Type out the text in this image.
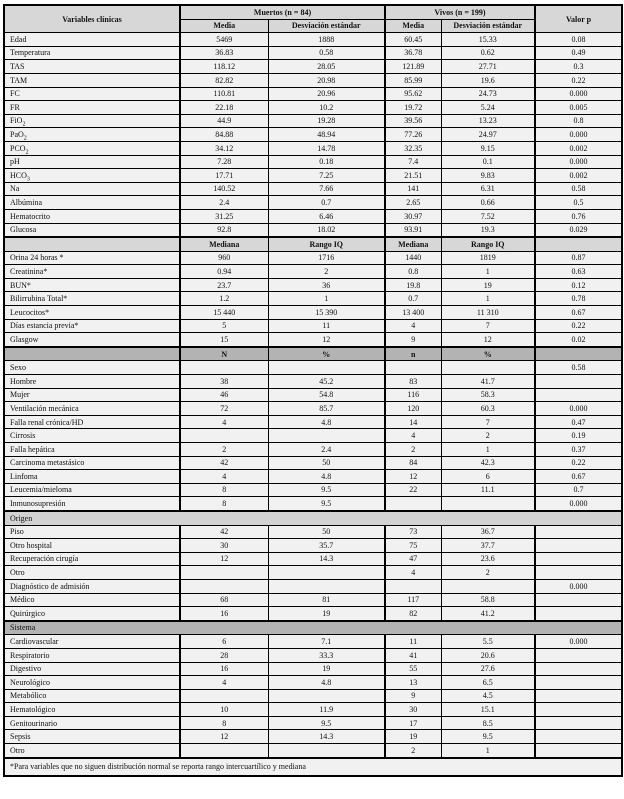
Variables clínicas	Muertos (n = 84)		Vivos (n = 199)		Valor p
	Media	Desviación estándar	Media	Desviación estándar	
Edad	5469	1888	60.45	15.33	0.08
Temperatura	36.83	0.58	36.78	0.62	0.49
TAS	118.12	28.05	121.89	27.71	0.3
TAM	82.82	20.98	85.99	19.6	0.22
FC	110.81	20.96	95.62	24.73	0.000
FR	22.18	10.2	19.72	5.24	0.005
FiO$_2$	44.9	19.28	39.56	13.23	0.8
PaO$_2$	84.88	48.94	77.26	24.97	0.000
$PCO_2$	34.12	14.78	32.35	9.15	0.002
pH	7.28	0.18	7.4	0.1	0.000
$HCO_3$	17.71	7.25	21.51	9.83	0.002
Na	140.52	7.66	141	6.31	0.58
Albúmina	2.4	0.7	2.65	0.66	0.5
Hematocrito	31.25	6.46	30.97	7.52	0.76
Glucosa	92.8	18.02	93.91	19.3	0.029
	Mediana	Rango IQ	Mediana	Rango IQ	
Orina 24 horas *	960	1716	1440	1819	0.87
Creatinina*	0.94	2	0.8	1	0.63
BUN*	23.7	36	19.8	19	0.12
Bilirrubina Total*	1.2	1	0.7	1	0.78
Leucocitos*	15 440	15 390	13 400	11 310	0.67
Días estancia previa*	5	11	4	7	0.22
Glasgow	15	12	9	12	0.02
	N	%	n	%	
Sexo					0.58
Hombre	38	45.2	83	41.7	
Mujer	46	54.8	116	58.3	
Ventilación mecánica	72	85.7	120	60.3	0.000
Falla renal crónica/HD	4	4.8	14	7	0.47
Cirrosis			4	2	0.19
Falla hepática	2	2.4	2	1	0.37
Carcinoma metastásico	42	50	84	42.3	0.22
Linfoma	4	4.8	12	6	0.67
Leucemia/mieloma	8	9.5	22	11.1	0.7
Inmunosupresión	8	9.5			0.000
Origen					
Piso	42	50	73	36.7	
Otro hospital	30	35.7	75	37.7	
Recuperación cirugía	12	14.3	47	23.6	
Otro			4	2	
Diagnóstico de admisión					0.000
Médico	68	81	117	58.8	
Quirúrgico	16	19	82	41.2	
Sistema					
Cardiovascular	6	7.1	11	5.5	0.000
Respiratorio	28	33.3	41	20.6	
Digestivo	16	19	55	27.6	
Neurológico	4	4.8	13	6.5	
Metabólico			9	4.5	
Hematológico	10	11.9	30	15.1	
Genitourinario	8	9.5	17	8.5	
Sepsis	12	14.3	19	9.5	
Otro			2	1	
*Para variables que no siguen distribución normal se reporta rango intercuartílico y mediana					
